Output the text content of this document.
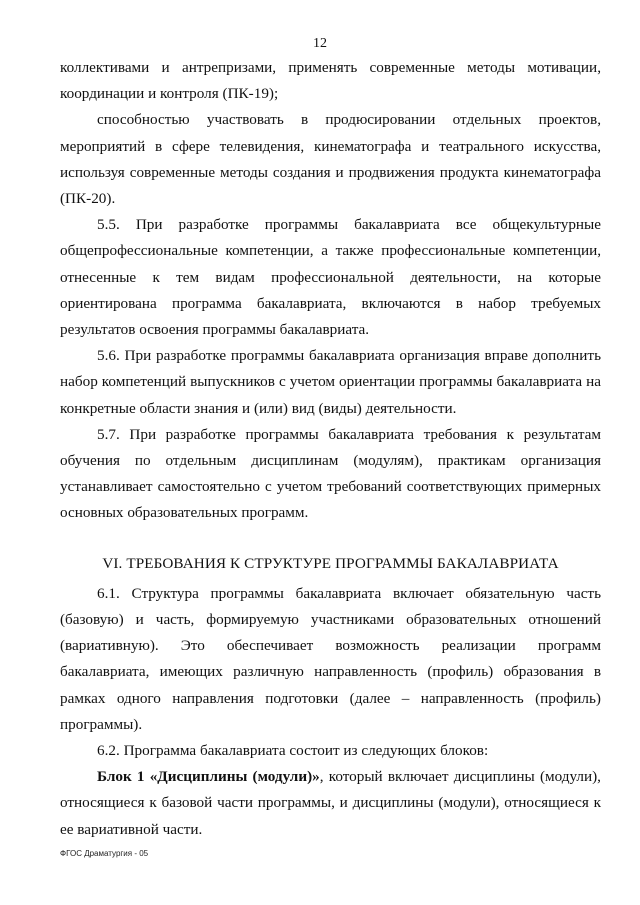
12

коллективами и антрепризами, применять современные методы мотивации, координации и контроля (ПК-19);

способностью участвовать в продюсировании отдельных проектов, мероприятий в сфере телевидения, кинематографа и театрального искусства, используя современные методы создания и продвижения продукта кинематографа (ПК-20).

5.5. При разработке программы бакалавриата все общекультурные общепрофессиональные компетенции, а также профессиональные компетенции, отнесенные к тем видам профессиональной деятельности, на которые ориентирована программа бакалавриата, включаются в набор требуемых результатов освоения программы бакалавриата.

5.6. При разработке программы бакалавриата организация вправе дополнить набор компетенций выпускников с учетом ориентации программы бакалавриата на конкретные области знания и (или) вид (виды) деятельности.

5.7. При разработке программы бакалавриата требования к результатам обучения по отдельным дисциплинам (модулям), практикам организация устанавливает самостоятельно с учетом требований соответствующих примерных основных образовательных программ.

VI. ТРЕБОВАНИЯ К СТРУКТУРЕ ПРОГРАММЫ БАКАЛАВРИАТА

6.1. Структура программы бакалавриата включает обязательную часть (базовую) и часть, формируемую участниками образовательных отношений (вариативную). Это обеспечивает возможность реализации программ бакалавриата, имеющих различную направленность (профиль) образования в рамках одного направления подготовки (далее – направленность (профиль) программы).

6.2. Программа бакалавриата состоит из следующих блоков:

Блок 1 «Дисциплины (модули)», который включает дисциплины (модули), относящиеся к базовой части программы, и дисциплины (модули), относящиеся к ее вариативной части.

ФГОС Драматургия - 05
